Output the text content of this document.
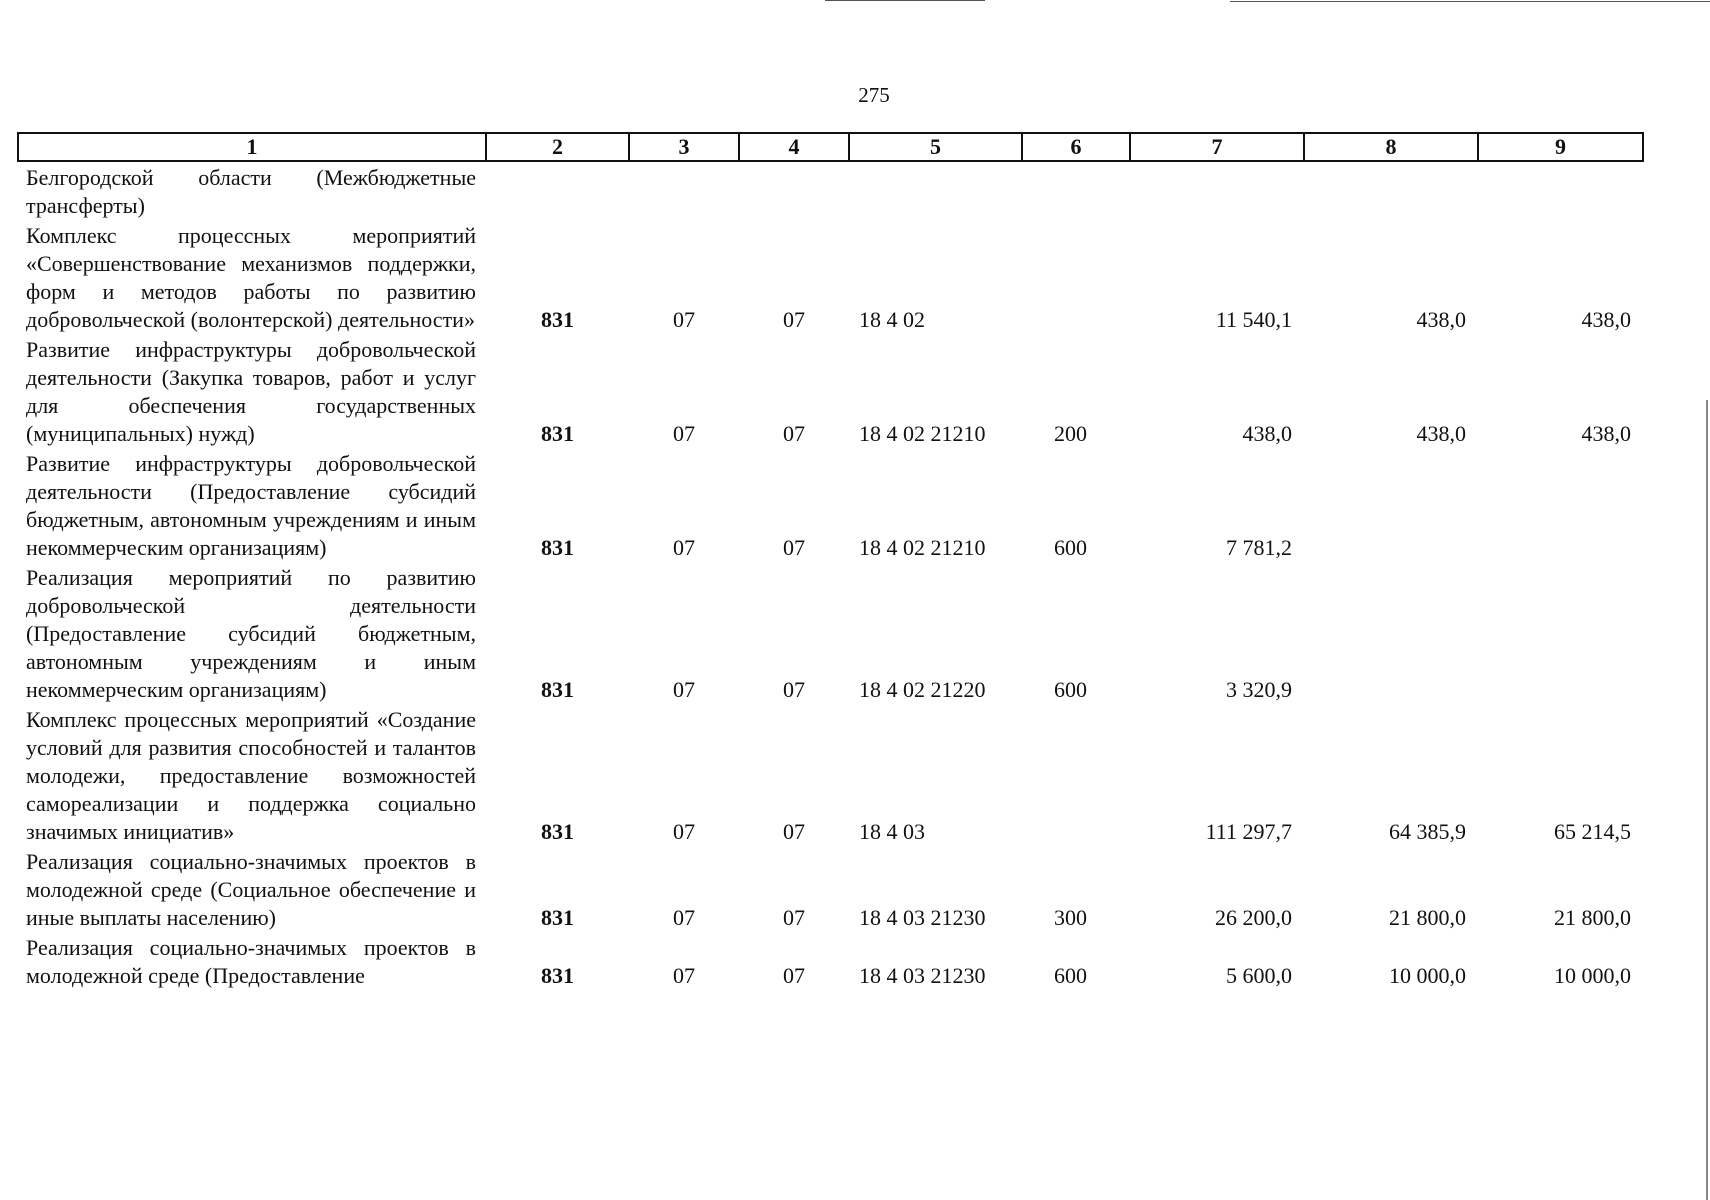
275
1	2	3	4	5	6	7	8	9
Белгородской области (Межбюджетные трансферты)								
Комплекс процессных мероприятий «Совершенствование механизмов поддержки, форм и методов работы по развитию добровольческой (волонтерской) деятельности»	831	07	07	18 4 02		11 540,1	438,0	438,0
Развитие инфраструктуры добровольческой деятельности (Закупка товаров, работ и услуг для обеспечения государственных (муниципальных) нужд)	831	07	07	18 4 02 21210	200	438,0	438,0	438,0
Развитие инфраструктуры добровольческой деятельности (Предоставление субсидий бюджетным, автономным учреждениям и иным некоммерческим организациям)	831	07	07	18 4 02 21210	600	7 781,2		
Реализация мероприятий по развитию добровольческой деятельности (Предоставление субсидий бюджетным, автономным учреждениям и иным некоммерческим организациям)	831	07	07	18 4 02 21220	600	3 320,9		
Комплекс процессных мероприятий «Создание условий для развития способностей и талантов молодежи, предоставление возможностей самореализации и поддержка социально значимых инициатив»	831	07	07	18 4 03		111 297,7	64 385,9	65 214,5
Реализация социально-значимых проектов в молодежной среде (Социальное обеспечение и иные выплаты населению)	831	07	07	18 4 03 21230	300	26 200,0	21 800,0	21 800,0
Реализация социально-значимых проектов в молодежной среде (Предоставление	831	07	07	18 4 03 21230	600	5 600,0	10 000,0	10 000,0
